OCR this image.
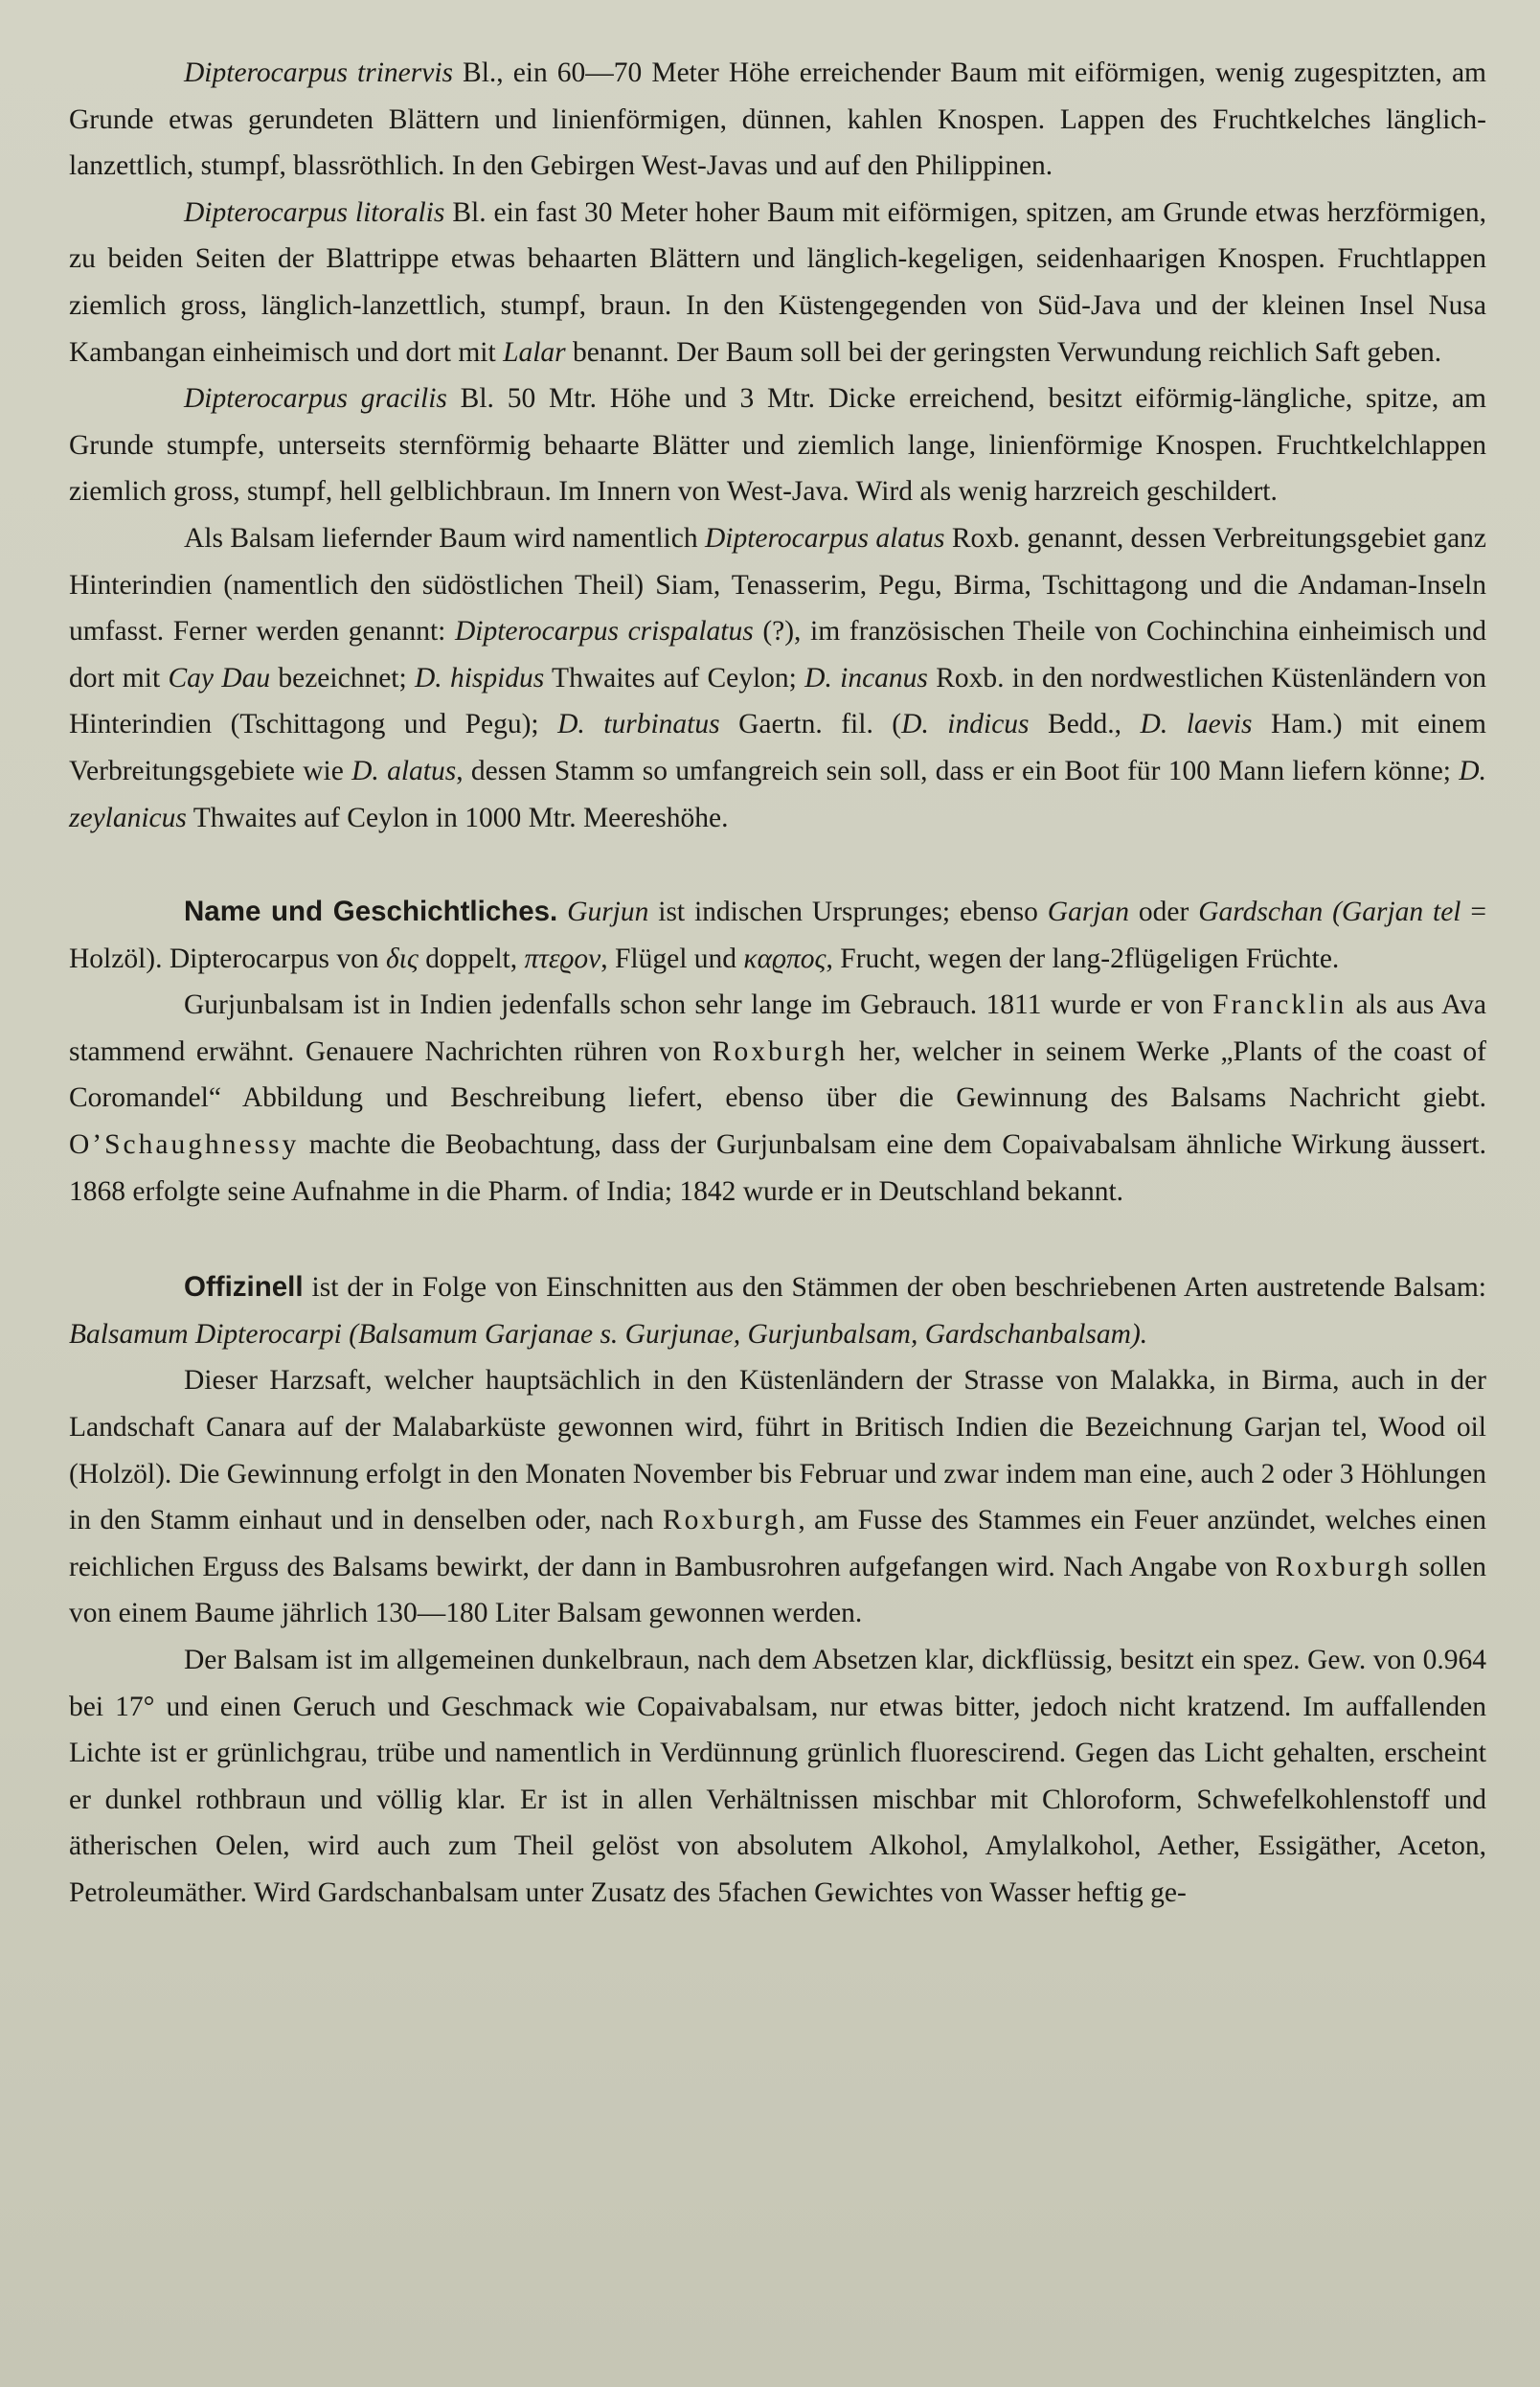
Dipterocarpus trinervis Bl., ein 60—70 Meter Höhe erreichender Baum mit eiförmigen, wenig zugespitzten, am Grunde etwas gerundeten Blättern und linienförmigen, dünnen, kahlen Knospen. Lappen des Fruchtkelches länglich-lanzettlich, stumpf, blassröthlich. In den Gebirgen West-Javas und auf den Philippinen.

Dipterocarpus litoralis Bl. ein fast 30 Meter hoher Baum mit eiförmigen, spitzen, am Grunde etwas herzförmigen, zu beiden Seiten der Blattrippe etwas behaarten Blättern und länglich-kegeligen, seidenhaarigen Knospen. Fruchtlappen ziemlich gross, länglich-lanzettlich, stumpf, braun. In den Küstengegenden von Süd-Java und der kleinen Insel Nusa Kambangan einheimisch und dort mit Lalar benannt. Der Baum soll bei der geringsten Verwundung reichlich Saft geben.

Dipterocarpus gracilis Bl. 50 Mtr. Höhe und 3 Mtr. Dicke erreichend, besitzt eiförmig-längliche, spitze, am Grunde stumpfe, unterseits sternförmig behaarte Blätter und ziemlich lange, linienförmige Knospen. Fruchtkelchlappen ziemlich gross, stumpf, hell gelblichbraun. Im Innern von West-Java. Wird als wenig harzreich geschildert.

Als Balsam liefernder Baum wird namentlich Dipterocarpus alatus Roxb. genannt, dessen Verbreitungsgebiet ganz Hinterindien (namentlich den südöstlichen Theil) Siam, Tenasserim, Pegu, Birma, Tschittagong und die Andaman-Inseln umfasst. Ferner werden genannt: Dipterocarpus crispalatus (?), im französischen Theile von Cochinchina einheimisch und dort mit Cay Dau bezeichnet; D. hispidus Thwaites auf Ceylon; D. incanus Roxb. in den nordwestlichen Küstenländern von Hinterindien (Tschittagong und Pegu); D. turbinatus Gaertn. fil. (D. indicus Bedd., D. laevis Ham.) mit einem Verbreitungsgebiete wie D. alatus, dessen Stamm so umfangreich sein soll, dass er ein Boot für 100 Mann liefern könne; D. zeylanicus Thwaites auf Ceylon in 1000 Mtr. Meereshöhe.

Name und Geschichtliches. Gurjun ist indischen Ursprunges; ebenso Garjan oder Gardschan (Garjan tel = Holzöl). Dipterocarpus von δις doppelt, πτεϱον, Flügel und καϱπος, Frucht, wegen der lang-2flügeligen Früchte.

Gurjunbalsam ist in Indien jedenfalls schon sehr lange im Gebrauch. 1811 wurde er von Francklin als aus Ava stammend erwähnt. Genauere Nachrichten rühren von Roxburgh her, welcher in seinem Werke „Plants of the coast of Coromandel“ Abbildung und Beschreibung liefert, ebenso über die Gewinnung des Balsams Nachricht giebt. O’Schaughnessy machte die Beobachtung, dass der Gurjunbalsam eine dem Copaivabalsam ähnliche Wirkung äussert. 1868 erfolgte seine Aufnahme in die Pharm. of India; 1842 wurde er in Deutschland bekannt.

Offizinell ist der in Folge von Einschnitten aus den Stämmen der oben beschriebenen Arten austretende Balsam: Balsamum Dipterocarpi (Balsamum Garjanae s. Gurjunae, Gurjunbalsam, Gardschanbalsam).

Dieser Harzsaft, welcher hauptsächlich in den Küstenländern der Strasse von Malakka, in Birma, auch in der Landschaft Canara auf der Malabarküste gewonnen wird, führt in Britisch Indien die Bezeichnung Garjan tel, Wood oil (Holzöl). Die Gewinnung erfolgt in den Monaten November bis Februar und zwar indem man eine, auch 2 oder 3 Höhlungen in den Stamm einhaut und in denselben oder, nach Roxburgh, am Fusse des Stammes ein Feuer anzündet, welches einen reichlichen Erguss des Balsams bewirkt, der dann in Bambusrohren aufgefangen wird. Nach Angabe von Roxburgh sollen von einem Baume jährlich 130—180 Liter Balsam gewonnen werden.

Der Balsam ist im allgemeinen dunkelbraun, nach dem Absetzen klar, dickflüssig, besitzt ein spez. Gew. von 0.964 bei 17° und einen Geruch und Geschmack wie Copaivabalsam, nur etwas bitter, jedoch nicht kratzend. Im auffallenden Lichte ist er grünlichgrau, trübe und namentlich in Verdünnung grünlich fluorescirend. Gegen das Licht gehalten, erscheint er dunkel rothbraun und völlig klar. Er ist in allen Verhältnissen mischbar mit Chloroform, Schwefelkohlenstoff und ätherischen Oelen, wird auch zum Theil gelöst von absolutem Alkohol, Amylalkohol, Aether, Essigäther, Aceton, Petroleumäther. Wird Gardschanbalsam unter Zusatz des 5fachen Gewichtes von Wasser heftig ge-
